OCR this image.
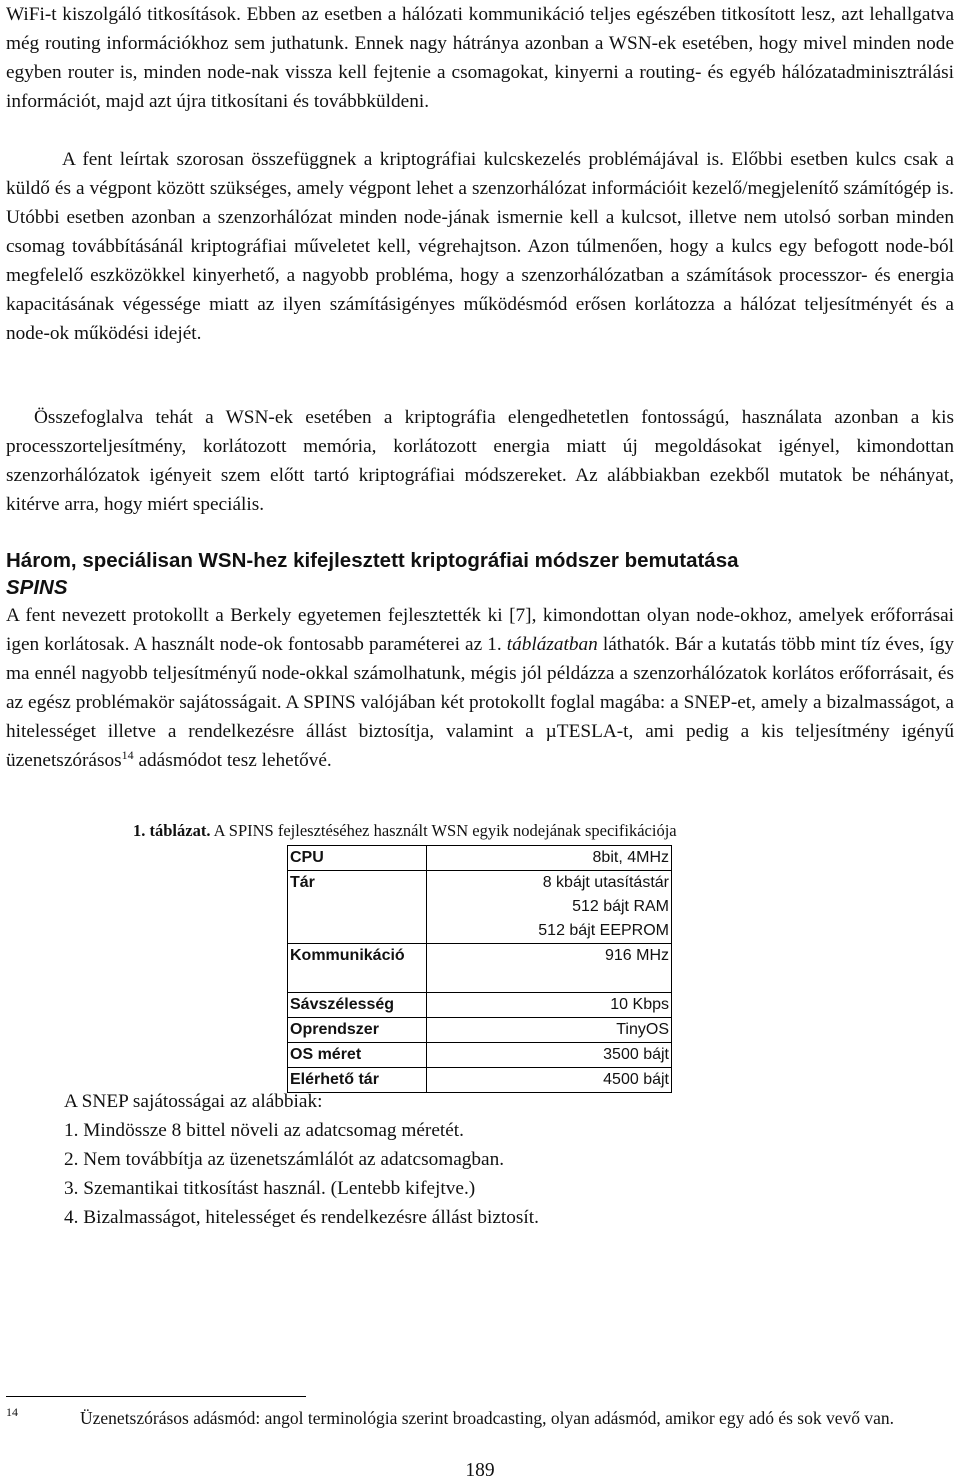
WiFi-t kiszolgáló titkosítások. Ebben az esetben a hálózati kommunikáció teljes egészében titkosított lesz, azt lehallgatva még routing információkhoz sem juthatunk. Ennek nagy hátránya azonban a WSN-ek esetében, hogy mivel minden node egyben router is, minden node-nak vissza kell fejtenie a csomagokat, kinyerni a routing- és egyéb hálózatadminisztrálási információt, majd azt újra titkosítani és továbbküldeni.

A fent leírtak szorosan összefüggnek a kriptográfiai kulcskezelés problémájával is. Előbbi esetben kulcs csak a küldő és a végpont között szükséges, amely végpont lehet a szenzorhálózat információit kezelő/megjelenítő számítógép is. Utóbbi esetben azonban a szenzorhálózat minden node-jának ismernie kell a kulcsot, illetve nem utolsó sorban minden csomag továbbításánál kriptográfiai műveletet kell, végrehajtson. Azon túlmenően, hogy a kulcs egy befogott node-ból megfelelő eszközökkel kinyerhető, a nagyobb probléma, hogy a szenzorhálózatban a számítások processzor- és energia kapacitásának végessége miatt az ilyen számításigényes működésmód erősen korlátozza a hálózat teljesítményét és a node-ok működési idejét.

Összefoglalva tehát a WSN-ek esetében a kriptográfia elengedhetetlen fontosságú, használata azonban a kis processzorteljesítmény, korlátozott memória, korlátozott energia miatt új megoldásokat igényel, kimondottan szenzorhálózatok igényeit szem előtt tartó kriptográfiai módszereket. Az alábbiakban ezekből mutatok be néhányat, kitérve arra, hogy miért speciális.

Három, speciálisan WSN-hez kifejlesztett kriptográfiai módszer bemutatása
SPINS

A fent nevezett protokollt a Berkely egyetemen fejlesztették ki [7], kimondottan olyan node-okhoz, amelyek erőforrásai igen korlátosak. A használt node-ok fontosabb paraméterei az 1. táblázatban láthatók. Bár a kutatás több mint tíz éves, így ma ennél nagyobb teljesítményű node-okkal számolhatunk, mégis jól példázza a szenzorhálózatok korlátos erőforrásait, és az egész problémakör sajátosságait. A SPINS valójában két protokollt foglal magába: a SNEP-et, amely a bizalmasságot, a hitelességet illetve a rendelkezésre állást biztosítja, valamint a µTESLA-t, ami pedig a kis teljesítmény igényű üzenetszórásos$^{14}$ adásmódot tesz lehetővé.

1. táblázat. A SPINS fejlesztéséhez használt WSN egyik nodejának specifikációja
CPU	8bit, 4MHz

Tár	8 kbájt utasítástár
512 bájt RAM
512 bájt EEPROM

Kommunikáció	916 MHz

Sávszélesség	10 Kbps
Oprendszer	TinyOS
OS méret	3500 bájt
Elérhető tár	4500 bájt

A SNEP sajátosságai az alábbiak:

1. Mindössze 8 bittel növeli az adatcsomag méretét.
2. Nem továbbítja az üzenetszámlálót az adatcsomagban.
3. Szemantikai titkosítást használ. (Lentebb kifejtve.)
4. Bizalmasságot, hitelességet és rendelkezésre állást biztosít.
14	Üzenetszórásos adásmód: angol terminológia szerint broadcasting, olyan adásmód, amikor egy adó és sok vevő van.
189
